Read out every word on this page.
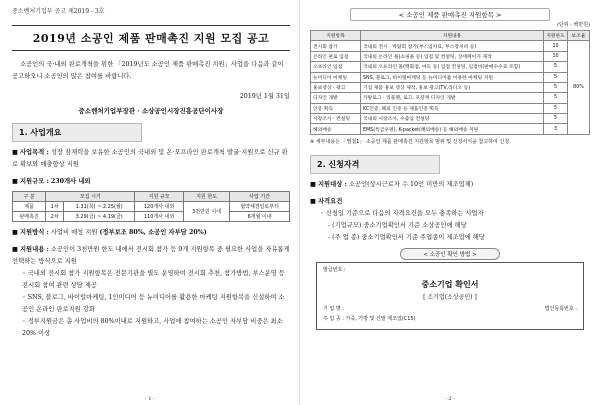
중소벤처기업부 공고 제2019 - 3호
2019년 소공인 제품 판매촉진 지원 모집 공고
소공인의 국·내외 판로개척을 위한 「2019년도 소공인 제품 판매촉진 지원」사업을 다음과 같이 공고하오니 소공인의 많은 참여를 바랍니다.
2019년 1월 31일
중소벤처기업부장관 · 소상공인시장진흥공단이사장
1. 사업개요
■ 사업목적 : 성장 잠재력을 보유한 소공인의 국내외 및 온·오프라인 판로개척 발굴·지원으로 신규 판로 확보와 매출향상 지원
■ 지원규모 : 230개사 내외
구 분	모집 시기		지원 규모	지원 한도	사업 기간
제품	1차	1.31(목) ~ 2.25(월)	120개사 내외	3천만원 이내	협약체결일로부터
판매촉진	2차	3.29(금) ~ 4.19(금)	110개사 내외		6개월 이내
■ 지원방식 : 사업비 매칭 지원 (정부보조 80%, 소공인 자부담 20%)
■ 지원내용 : 소공인이 3천만원 한도 내에서 전시회 참가 등 9개 지원항목 중 필요한 사업을 자유롭게 선택하는 방식으로 지원
◦ 국내외 전시회 참가 지원항목은 전문기관을 별도 운영하여 전시회 추천, 참가방법, 부스운영 등 전시회 참여 관련 상담 제공
◦ SNS, 블로그, 바이럴마케팅, 1인미디어 등 뉴미디어를 활용한 마케팅 지원항목을 신설하여 소공인 온라인 판로지원 강화
◦ 정부지원금은 총 사업비의 80%이내로 지원하고, 사업에 참여하는 소공인 자부담 비중은 최소 20% 이상
- 1 -
< 소공인 제품 판매촉진 지원항목 >
(단위 : 백만원)
지원항목	지원내용	지원한도	보조율
전시회 참가	국내외 전시 · 박람회 참가(부스임차료, 부스장치비 등)	10	80%
온라인 판로 입점	국내외 온라인 몰(쇼핑몰 등) 입점 및 컨설팅, 상세페이지 제작	10	
오프라인 입점	국내외 오프라인 몰(백화점, 마트 등) 입점 컨설팅, 입점비(판매수수료 포함)	5	
뉴미디어 마케팅	SNS, 블로그, 바이럴마케팅 등 뉴미디어를 이용한 마케팅 지원	5	
홍보영상 · 광고	기업 제품 홍보 영상 제작, 홍보 광고(TV,라디오 등)	5	
디자인 개발	카탈로그 · 리플렛, 로고, 포장재 디자인 개발	5	
인증 획득	KC인증, 해외 인증 등 제품인증 획득	5	
시장조사 · 컨설팅	국내외 시장조사, 수출입 컨설팅	5	
해외배송	EMS(특급우편), K-packet(해외배송) 등 해외배송 지원	3	
※ 세부내용은 「별첨1」 소공인 제품 판매촉진 지원항목 범위 및 신청서식을 참고하여 신청
2. 신청자격
■ 지원대상 : 소공인(상시근로자 수 10인 미만의 제조업체)
■ 자격요건
◦ 신청일 기준으로 다음의 자격요건을 모두 충족하는 사업자
- (기업규모) 중소기업확인서 기준 소상공인에 해당
- (주 업 종) 중소기업확인서 기준 주업종이 제조업에 해당
< 소공인 확인 방법 >
발급번호 :
중소기업 확인서
[ 소기업(소상공인) ]
기 업 명 :	법인등록번호 :
주 업 종 : 가죽, 가방 및 신발 제조업(C15)
- 2 -
